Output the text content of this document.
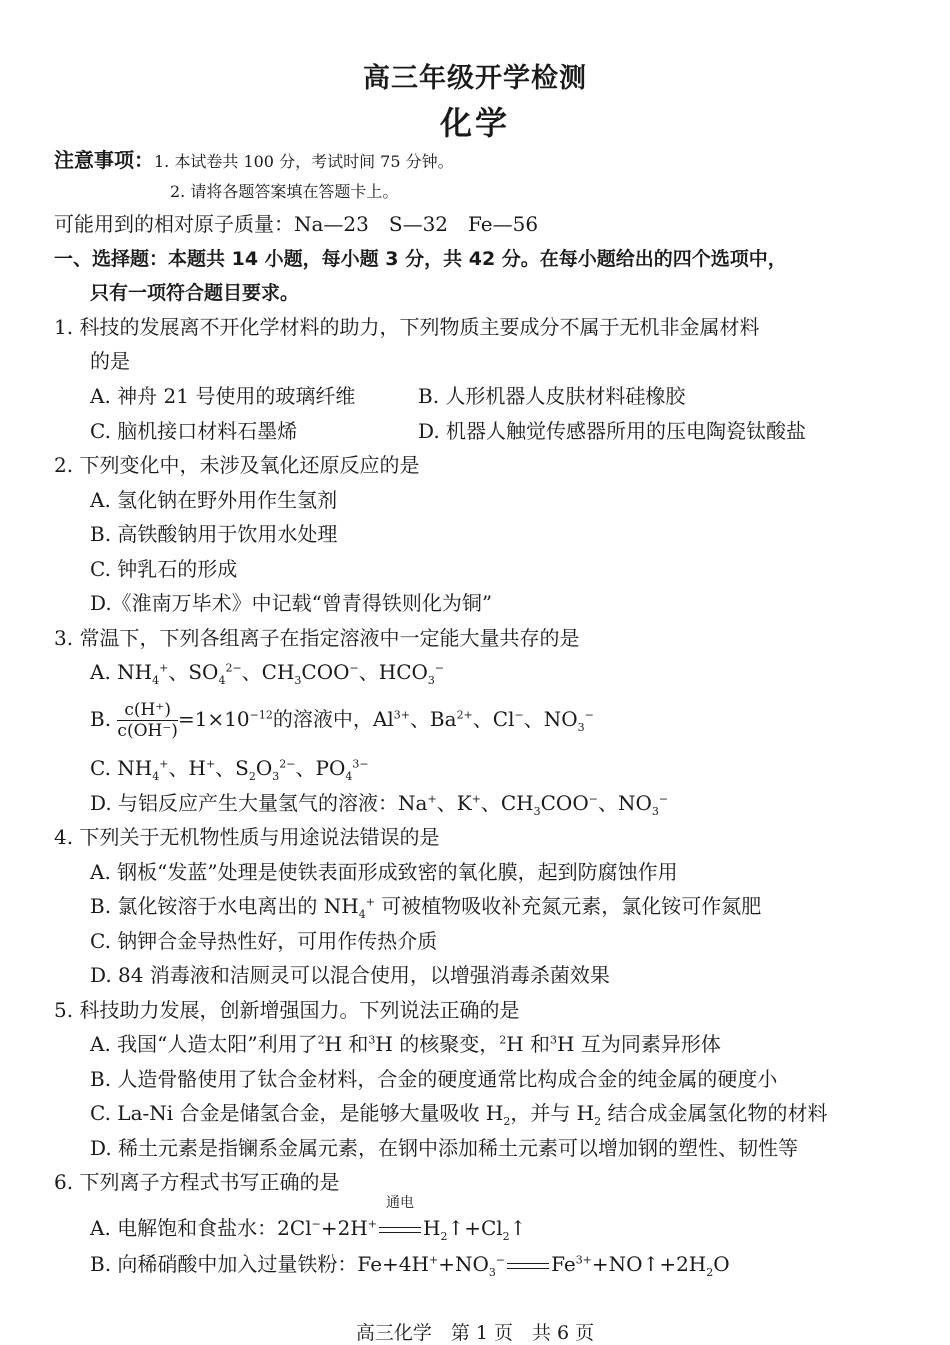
高三年级开学检测
化学
注意事项：1. 本试卷共 100 分，考试时间 75 分钟。
2. 请将各题答案填在答题卡上。
可能用到的相对原子质量：Na—23　S—32　Fe—56
一、选择题：本题共 14 小题，每小题 3 分，共 42 分。在每小题给出的四个选项中，
只有一项符合题目要求。
1. 科技的发展离不开化学材料的助力，下列物质主要成分不属于无机非金属材料
的是
A. 神舟 21 号使用的玻璃纤维	B. 人形机器人皮肤材料硅橡胶
C. 脑机接口材料石墨烯	D. 机器人触觉传感器所用的压电陶瓷钛酸盐
2. 下列变化中，未涉及氧化还原反应的是
A. 氢化钠在野外用作生氢剂
B. 高铁酸钠用于饮用水处理
C. 钟乳石的形成
D.《淮南万毕术》中记载“曾青得铁则化为铜”
3. 常温下，下列各组离子在指定溶液中一定能大量共存的是
A. $NH_4^+$、$SO_4^{2-}$、$CH_3COO^-$、$HCO_3^-$
B. $\frac{c(H^+)}{c(OH^-)} =1\times 10^{-12}$的溶液中，$Al^{3+}$、$Ba^{2+}$、Cl−、$NO_3^-$
C. $NH_4^+$、H+、$S_2O_3^{2-}$、$PO_4^{3-}$
D. 与铝反应产生大量氢气的溶液：Na+、K+、$CH_3COO^-$、$NO_3^-$
4. 下列关于无机物性质与用途说法错误的是
A. 钢板“发蓝”处理是使铁表面形成致密的氧化膜，起到防腐蚀作用
B. 氯化铵溶于水电离出的 $NH_4^+$ 可被植物吸收补充氮元素，氯化铵可作氮肥
C. 钠钾合金导热性好，可用作传热介质
D. 84 消毒液和洁厕灵可以混合使用，以增强消毒杀菌效果
5. 科技助力发展，创新增强国力。下列说法正确的是
A. 我国“人造太阳”利用了$^2$H 和$^3$H 的核聚变，$^2$H 和$^3$H 互为同素异形体
B. 人造骨骼使用了钛合金材料，合金的硬度通常比构成合金的纯金属的硬度小
C. La-Ni 合金是储氢合金，是能够大量吸收 $H_2$，并与 $H_2$ 结合成金属氢化物的材料
D. 稀土元素是指镧系金属元素，在钢中添加稀土元素可以增加钢的塑性、韧性等
6. 下列离子方程式书写正确的是
A. 电解饱和食盐水：2Cl−+2H+
通电
$H_2↑+Cl_2↑$
B. 向稀硝酸中加入过量铁粉：$Fe+4H^++NO_3^-$ $Fe^{3+}+NO↑+2H_2O$
高三化学　第 1 页　共 6 页
